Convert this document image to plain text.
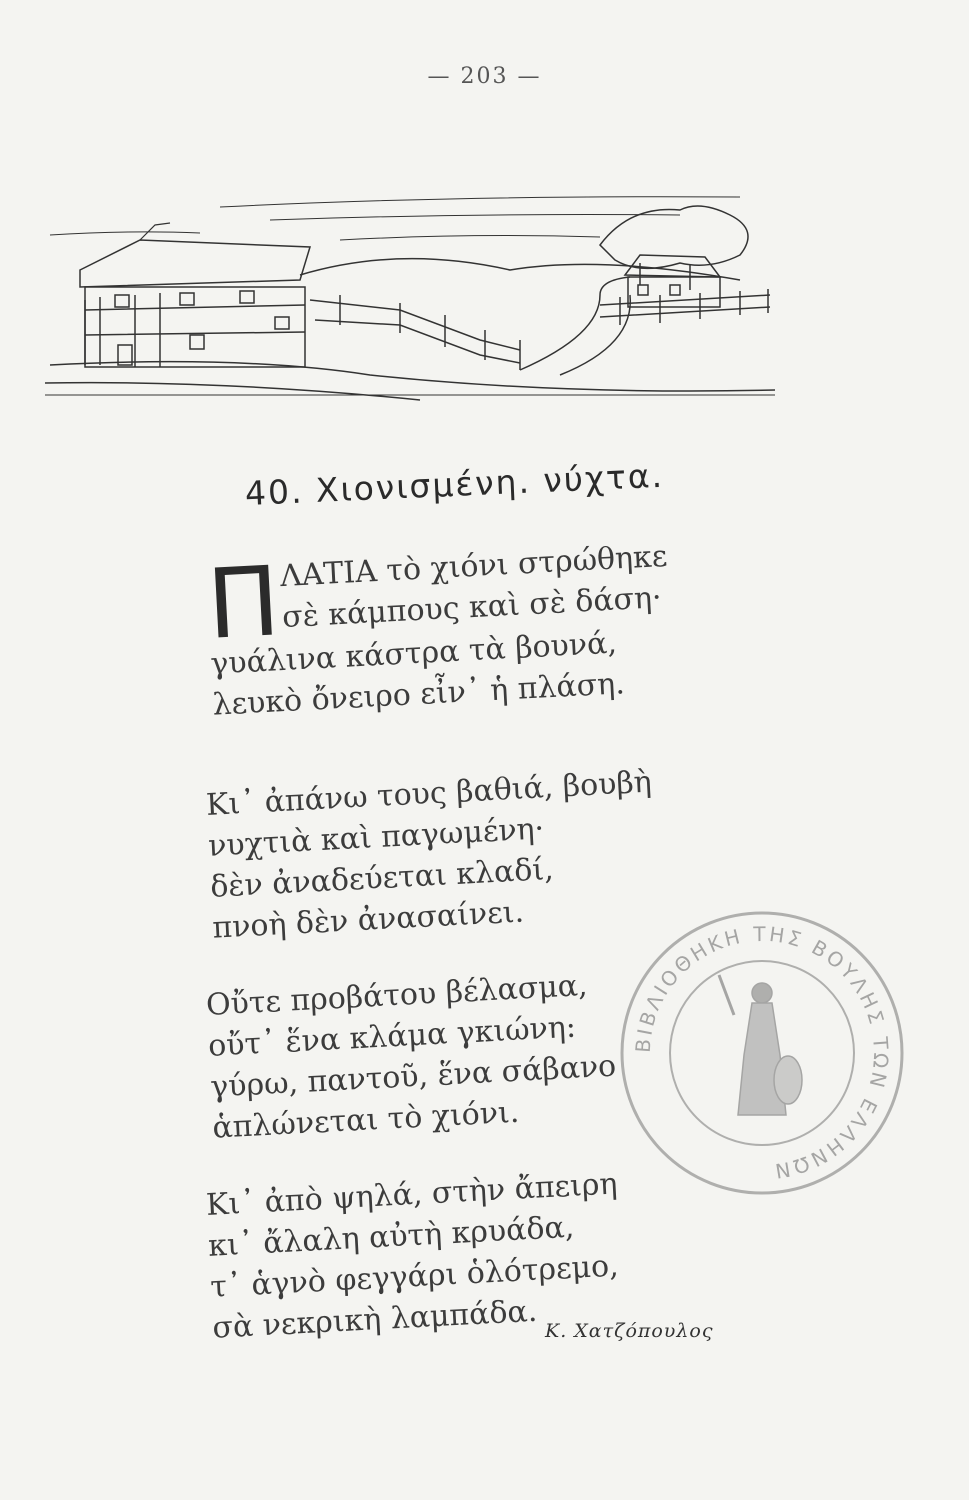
— 203 —
40. Χιονισμένη. νύχτα.
Π
ΛΑΤΙΑ τὸ χιόνι στρώθηκε
σὲ κάμπους καὶ σὲ δάση·
γυάλινα κάστρα τὰ βουνά,
λευκὸ ὄνειρο εἶν᾽ ἡ πλάση.
Κι᾽ ἀπάνω τους βαθιά, βουβὴ
νυχτιὰ καὶ παγωμένη·
δὲν ἀναδεύεται κλαδί,
πνοὴ δὲν ἀνασαίνει.
Οὔτε προβάτου βέλασμα,
οὔτ᾽ ἕνα κλάμα γκιώνη:
γύρω, παντοῦ, ἕνα σάβανο
ἁπλώνεται τὸ χιόνι.
Κι᾽ ἀπὸ ψηλά, στὴν ἄπειρη
κι᾽ ἄλαλη αὐτὴ κρυάδα,
τ᾽ ἁγνὸ φεγγάρι ὁλότρεμο,
σὰ νεκρικὴ λαμπάδα. Κ. Χατζόπουλος
ΒΙΒΛΙΟΘΗΚΗ ΤΗΣ ΒΟΥΛΗΣ ΤΩΝ ΕΛΛΗΝΩΝ
